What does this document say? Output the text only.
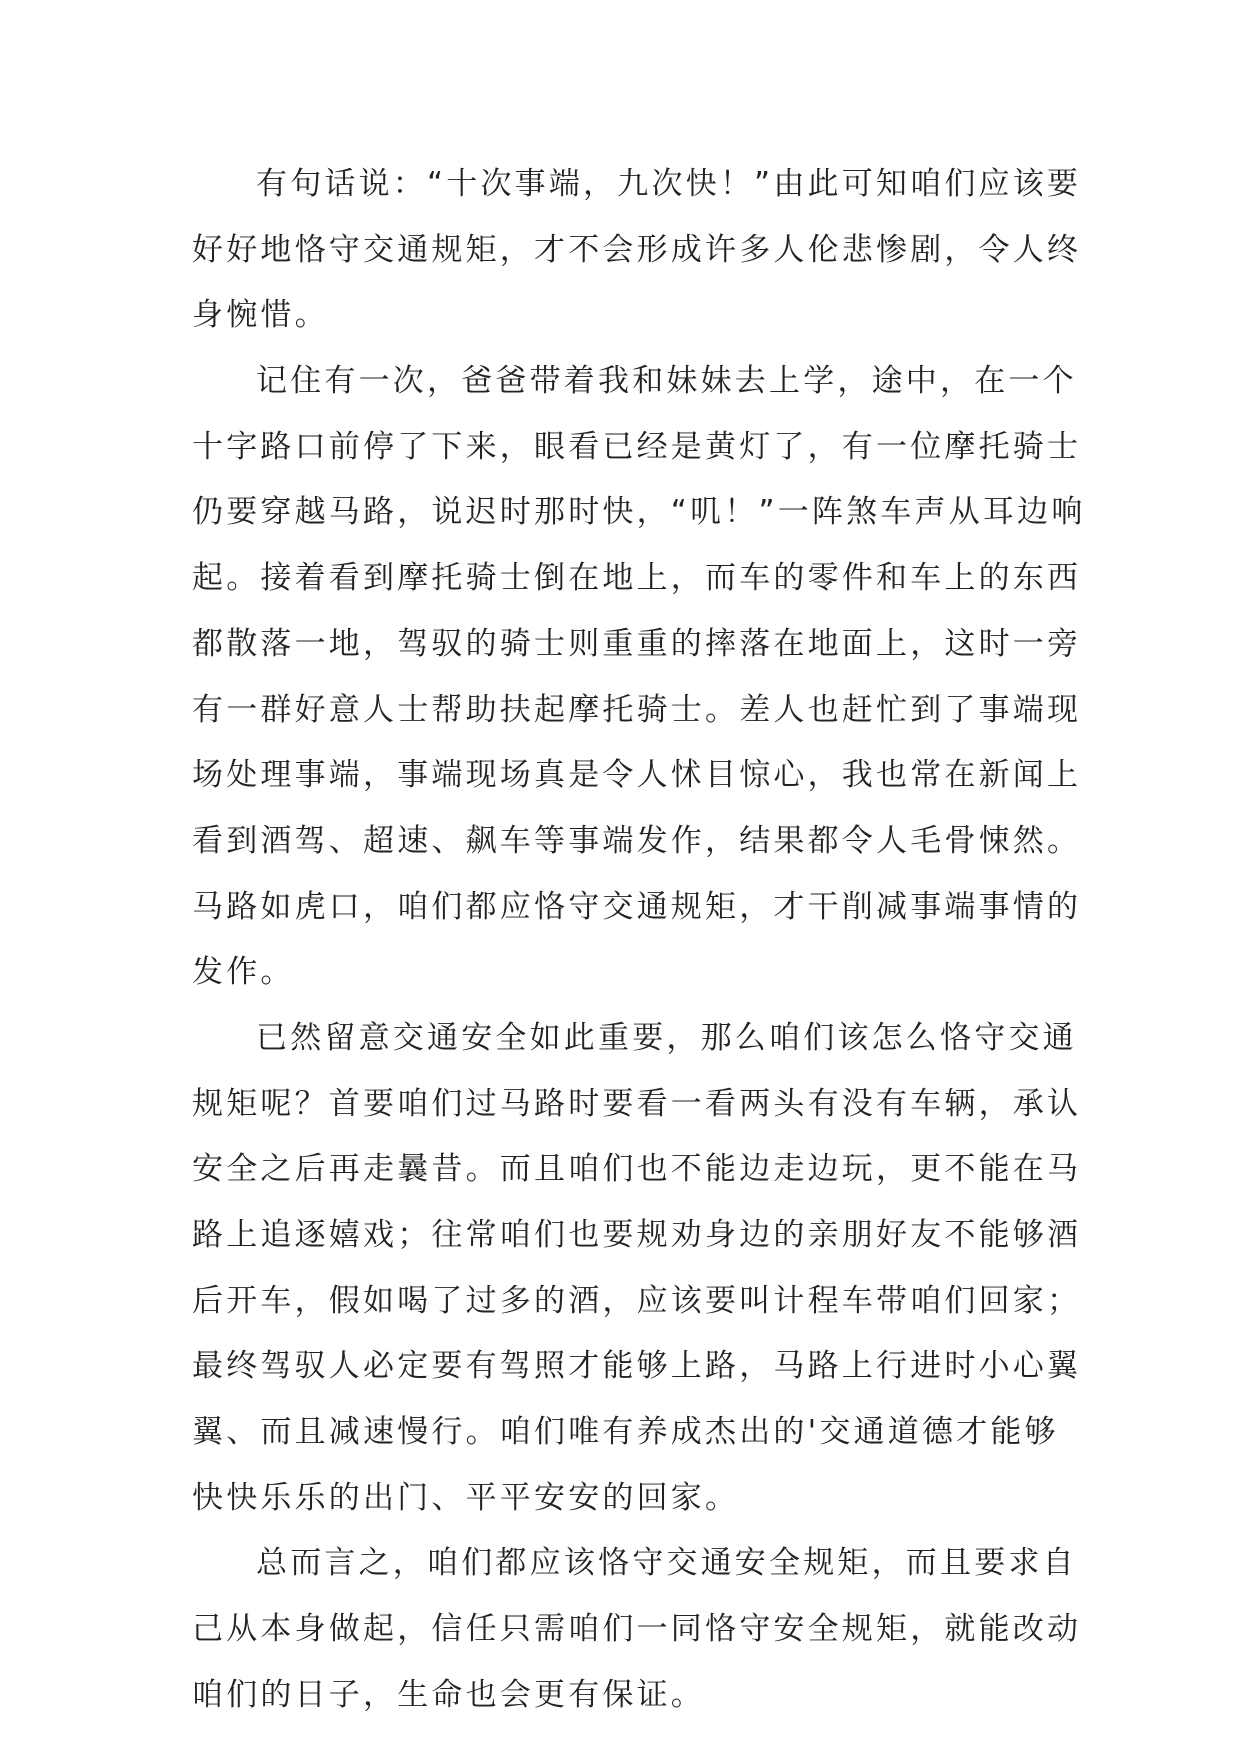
有句话说：“十次事端，九次快！”由此可知咱们应该要
好好地恪守交通规矩，才不会形成许多人伦悲惨剧，令人终
身惋惜。
记住有一次，爸爸带着我和妹妹去上学，途中，在一个
十字路口前停了下来，眼看已经是黄灯了，有一位摩托骑士
仍要穿越马路，说迟时那时快，“叽！”一阵煞车声从耳边响
起。接着看到摩托骑士倒在地上，而车的零件和车上的东西
都散落一地，驾驭的骑士则重重的摔落在地面上，这时一旁
有一群好意人士帮助扶起摩托骑士。差人也赶忙到了事端现
场处理事端，事端现场真是令人怵目惊心，我也常在新闻上
看到酒驾、超速、飙车等事端发作，结果都令人毛骨悚然。
马路如虎口，咱们都应恪守交通规矩，才干削减事端事情的
发作。
已然留意交通安全如此重要，那么咱们该怎么恪守交通
规矩呢？首要咱们过马路时要看一看两头有没有车辆，承认
安全之后再走曩昔。而且咱们也不能边走边玩，更不能在马
路上追逐嬉戏；往常咱们也要规劝身边的亲朋好友不能够酒
后开车，假如喝了过多的酒，应该要叫计程车带咱们回家；
最终驾驭人必定要有驾照才能够上路，马路上行进时小心翼
翼、而且减速慢行。咱们唯有养成杰出的'交通道德才能够
快快乐乐的出门、平平安安的回家。
总而言之，咱们都应该恪守交通安全规矩，而且要求自
己从本身做起，信任只需咱们一同恪守安全规矩，就能改动
咱们的日子，生命也会更有保证。
